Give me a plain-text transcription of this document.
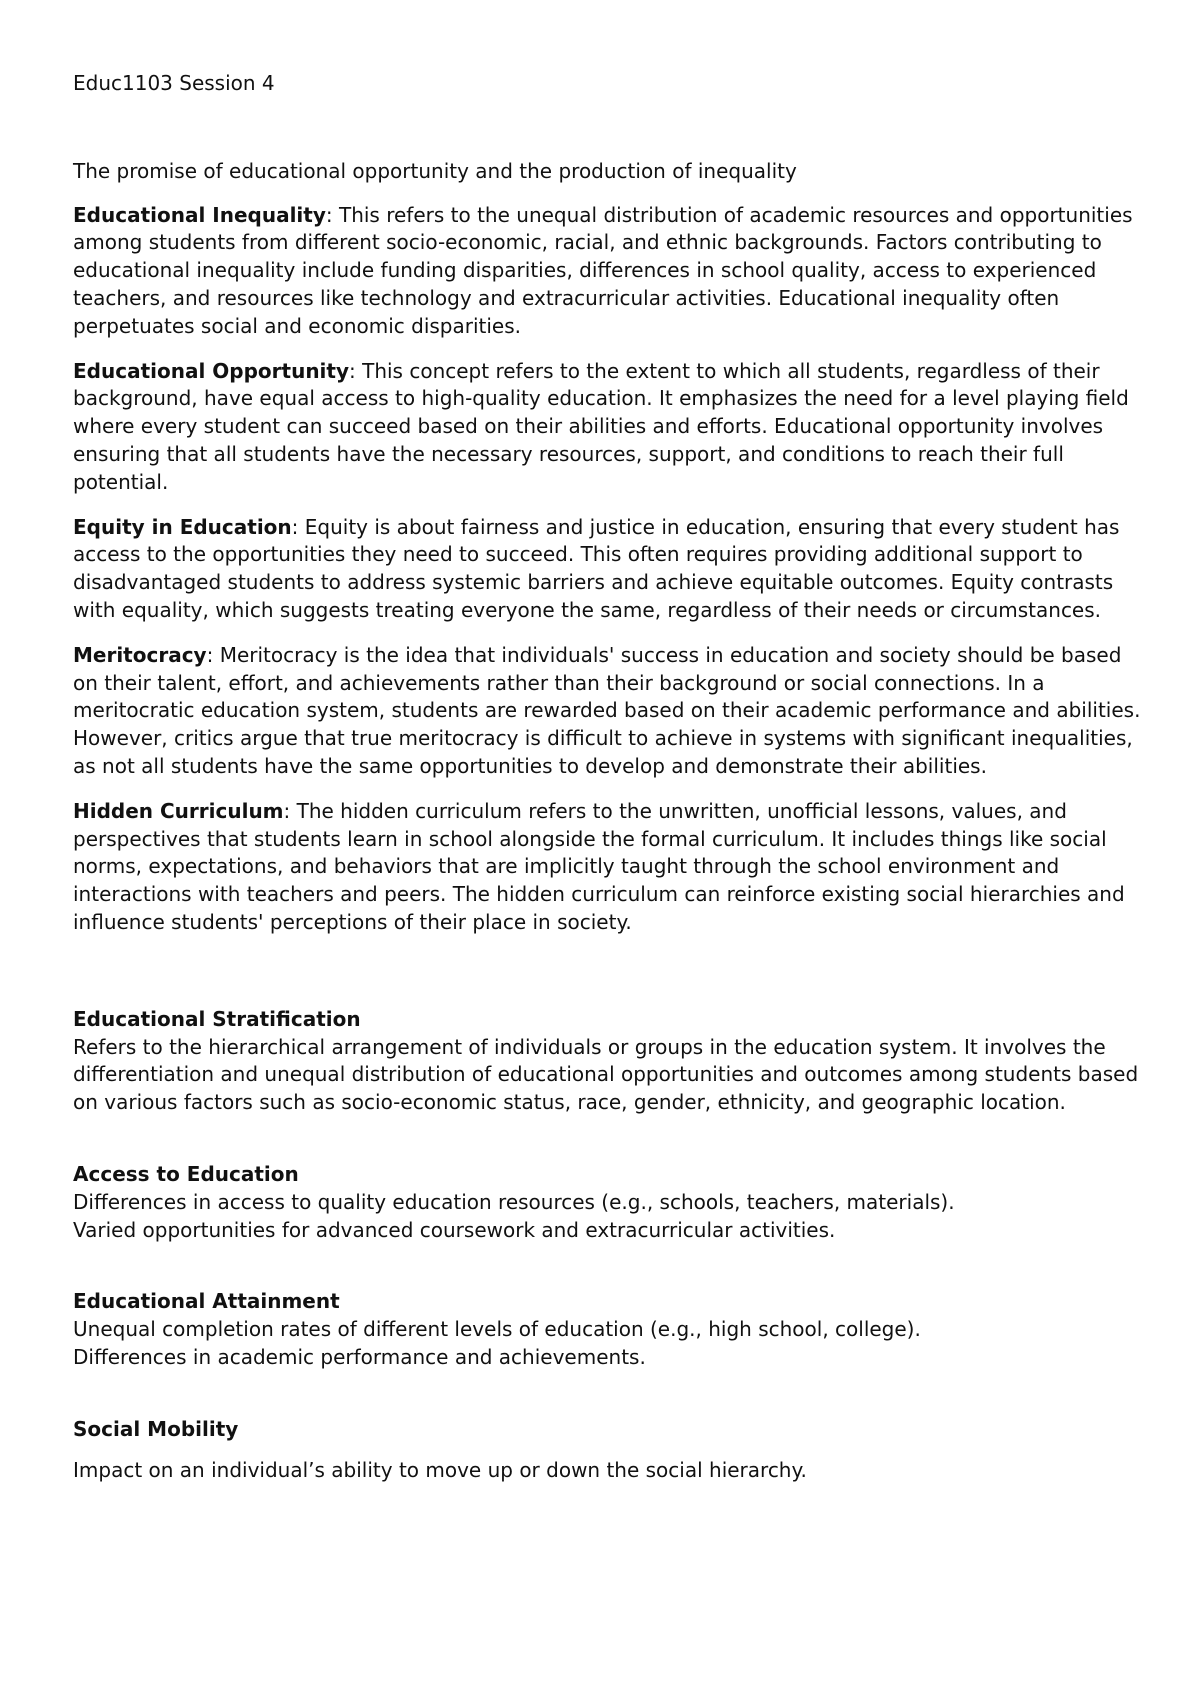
Educ1103 Session 4

The promise of educational opportunity and the production of inequality

Educational Inequality: This refers to the unequal distribution of academic resources and opportunities among students from different socio-economic, racial, and ethnic backgrounds. Factors contributing to educational inequality include funding disparities, differences in school quality, access to experienced teachers, and resources like technology and extracurricular activities. Educational inequality often perpetuates social and economic disparities.

Educational Opportunity: This concept refers to the extent to which all students, regardless of their background, have equal access to high-quality education. It emphasizes the need for a level playing field where every student can succeed based on their abilities and efforts. Educational opportunity involves ensuring that all students have the necessary resources, support, and conditions to reach their full potential.

Equity in Education: Equity is about fairness and justice in education, ensuring that every student has access to the opportunities they need to succeed. This often requires providing additional support to disadvantaged students to address systemic barriers and achieve equitable outcomes. Equity contrasts with equality, which suggests treating everyone the same, regardless of their needs or circumstances.

Meritocracy: Meritocracy is the idea that individuals' success in education and society should be based on their talent, effort, and achievements rather than their background or social connections. In a meritocratic education system, students are rewarded based on their academic performance and abilities. However, critics argue that true meritocracy is difficult to achieve in systems with significant inequalities, as not all students have the same opportunities to develop and demonstrate their abilities.

Hidden Curriculum: The hidden curriculum refers to the unwritten, unofficial lessons, values, and perspectives that students learn in school alongside the formal curriculum. It includes things like social norms, expectations, and behaviors that are implicitly taught through the school environment and interactions with teachers and peers. The hidden curriculum can reinforce existing social hierarchies and influence students' perceptions of their place in society.

Educational Stratification

Refers to the hierarchical arrangement of individuals or groups in the education system. It involves the differentiation and unequal distribution of educational opportunities and outcomes among students based on various factors such as socio-economic status, race, gender, ethnicity, and geographic location.

Access to Education

Differences in access to quality education resources (e.g., schools, teachers, materials).

Varied opportunities for advanced coursework and extracurricular activities.

Educational Attainment

Unequal completion rates of different levels of education (e.g., high school, college).

Differences in academic performance and achievements.

Social Mobility

Impact on an individual’s ability to move up or down the social hierarchy.
